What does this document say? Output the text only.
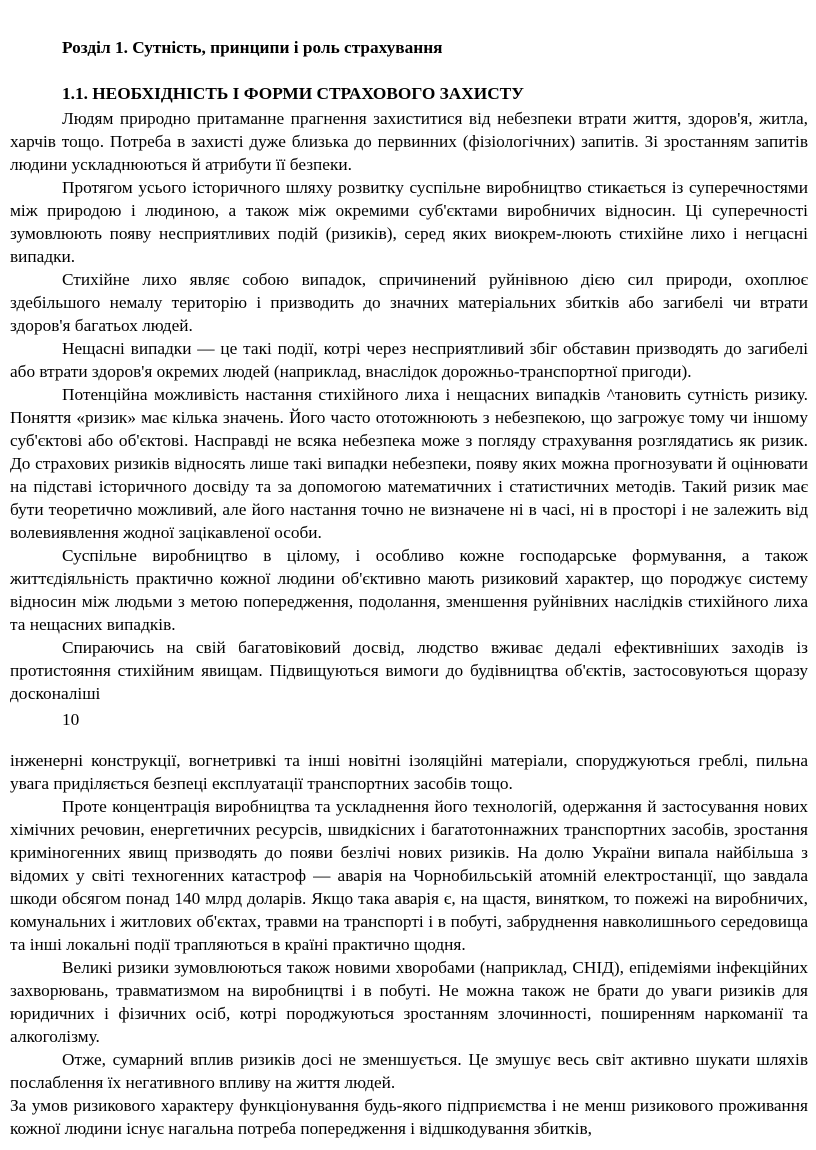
Розділ 1. Сутність, принципи і роль страхування
1.1. НЕОБХІДНІСТЬ І ФОРМИ СТРАХОВОГО ЗАХИСТУ

Людям природно притаманне прагнення захиститися від небезпеки втрати життя, здоров'я, житла, харчів тощо. Потреба в захисті дуже близька до первинних (фізіологічних) запитів. Зі зростанням запитів людини ускладнюються й атрибути її безпеки.

Протягом усього історичного шляху розвитку суспільне виробництво стикається із суперечностями між природою і людиною, а також між окремими суб'єктами виробничих відносин. Ці суперечності зумовлюють появу несприятливих подій (ризиків), серед яких виокрем-люють стихійне лихо і негцасні випадки.

Стихійне лихо являє собою випадок, спричинений руйнівною дією сил природи, охоплює здебільшого немалу територію і призводить до значних матеріальних збитків або загибелі чи втрати здоров'я багатьох людей.

Нещасні випадки — це такі події, котрі через несприятливий збіг обставин призводять до загибелі або втрати здоров'я окремих людей (наприклад, внаслідок дорожньо-транспортної пригоди).

Потенційна можливість настання стихійного лиха і нещасних випадків ^тановить сутність ризику. Поняття «ризик» має кілька значень. Його часто ототожнюють з небезпекою, що загрожує тому чи іншому суб'єктові або об'єктові. Насправді не всяка небезпека може з погляду страхування розглядатись як ризик. До страхових ризиків відносять лише такі випадки небезпеки, появу яких можна прогнозувати й оцінювати на підставі історичного досвіду та за допомогою математичних і статистичних методів. Такий ризик має бути теоретично можливий, але його настання точно не визначене ні в часі, ні в просторі і не залежить від волевиявлення жодної зацікавленої особи.

Суспільне виробництво в цілому, і особливо кожне господарське формування, а також життєдіяльність практично кожної людини об'єктивно мають ризиковий характер, що породжує систему відносин між людьми з метою попередження, подолання, зменшення руйнівних наслідків стихійного лиха та нещасних випадків.

Спираючись на свій багатовіковий досвід, людство вживає дедалі ефективніших заходів із протистояння стихійним явищам. Підвищуються вимоги до будівництва об'єктів, застосовуються щоразу досконаліші

10

інженерні конструкції, вогнетривкі та інші новітні ізоляційні матеріали, споруджуються греблі, пильна увага приділяється безпеці експлуатації транспортних засобів тощо.

Проте концентрація виробництва та ускладнення його технологій, одержання й застосування нових хімічних речовин, енергетичних ресурсів, швидкісних і багатотоннажних транспортних засобів, зростання криміногенних явищ призводять до появи безлічі нових ризиків. На долю України випала найбільша з відомих у світі техногенних катастроф — аварія на Чорнобильській атомній електростанції, що завдала шкоди обсягом понад 140 млрд доларів. Якщо така аварія є, на щастя, винятком, то пожежі на виробничих, комунальних і житлових об'єктах, травми на транспорті і в побуті, забруднення навколишнього середовища та інші локальні події трапляються в країні практично щодня.

Великі ризики зумовлюються також новими хворобами (наприклад, СНІД), епідеміями інфекційних захворювань, травматизмом на виробництві і в побуті. Не можна також не брати до уваги ризиків для юридичних і фізичних осіб, котрі породжуються зростанням злочинності, поширенням наркоманії та алкоголізму.

Отже, сумарний вплив ризиків досі не зменшується. Це змушує весь світ активно шукати шляхів послаблення їх негативного впливу на життя людей.

За умов ризикового характеру функціонування будь-якого підприємства і не менш ризикового проживання кожної людини існує нагальна потреба попередження і відшкодування збитків,
